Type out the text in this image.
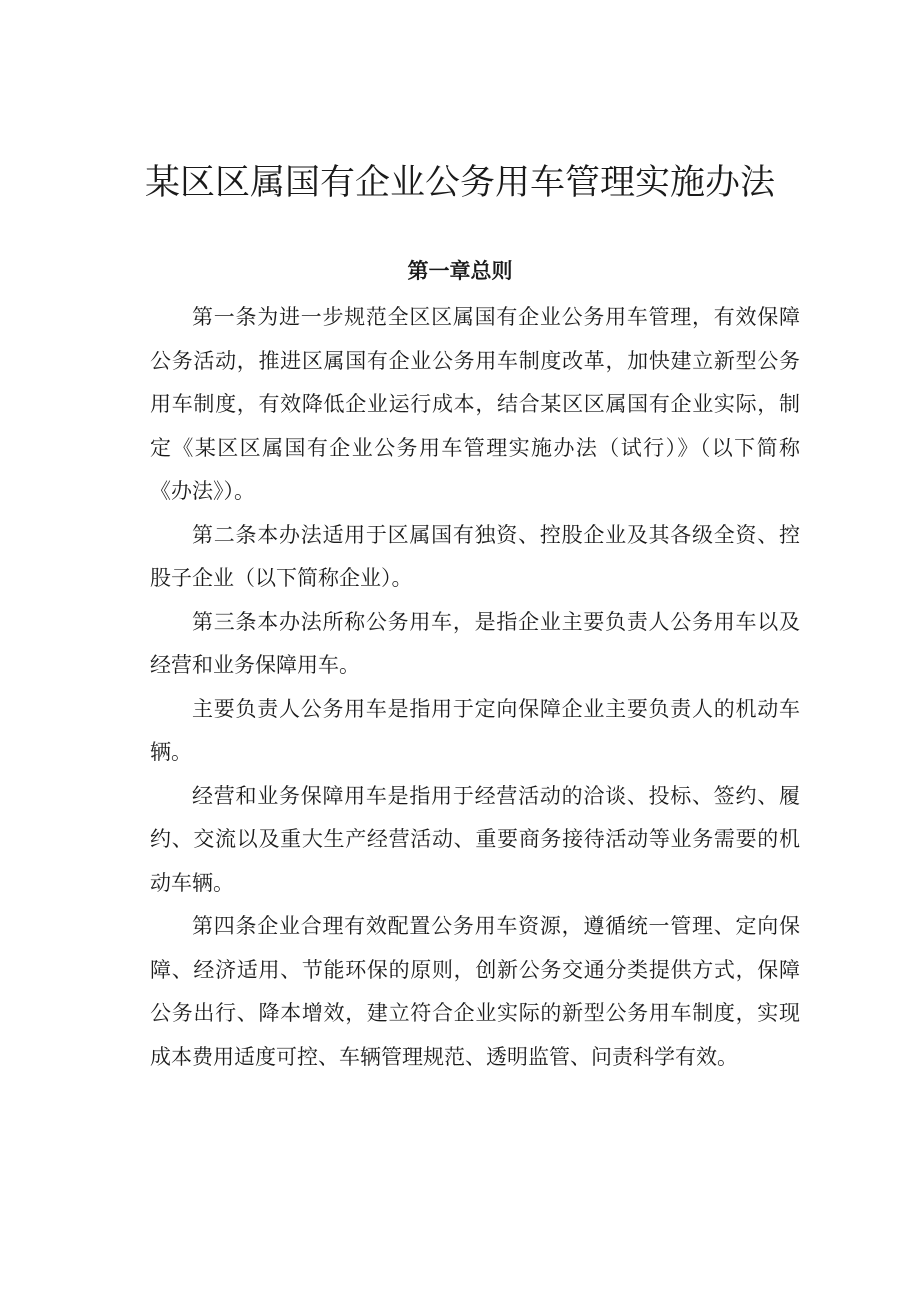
某区区属国有企业公务用车管理实施办法
第一章总则

第一条为进一步规范全区区属国有企业公务用车管理，有效保障公务活动，推进区属国有企业公务用车制度改革，加快建立新型公务用车制度，有效降低企业运行成本，结合某区区属国有企业实际，制定《某区区属国有企业公务用车管理实施办法（试行）》（以下简称《办法》）。

第二条本办法适用于区属国有独资、控股企业及其各级全资、控股子企业（以下简称企业）。

第三条本办法所称公务用车，是指企业主要负责人公务用车以及经营和业务保障用车。

主要负责人公务用车是指用于定向保障企业主要负责人的机动车辆。

经营和业务保障用车是指用于经营活动的洽谈、投标、签约、履约、交流以及重大生产经营活动、重要商务接待活动等业务需要的机动车辆。

第四条企业合理有效配置公务用车资源，遵循统一管理、定向保障、经济适用、节能环保的原则，创新公务交通分类提供方式，保障公务出行、降本增效，建立符合企业实际的新型公务用车制度，实现成本费用适度可控、车辆管理规范、透明监管、问责科学有效。
